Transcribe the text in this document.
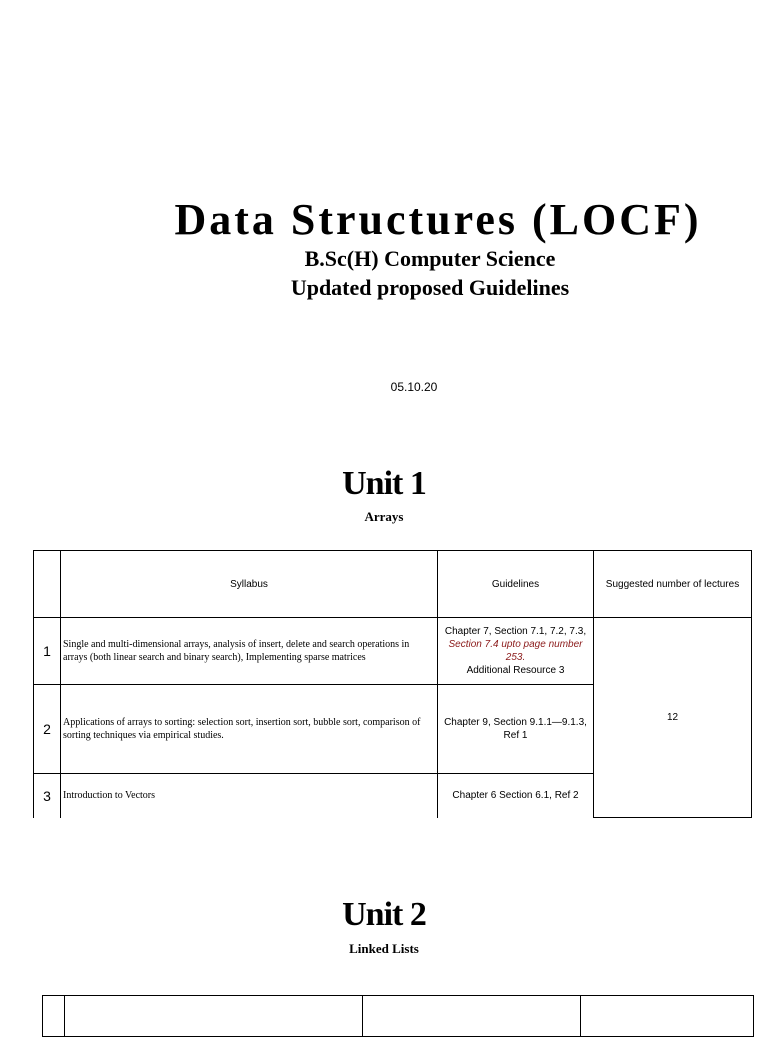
Data Structures (LOCF)
B.Sc(H) Computer Science
Updated proposed Guidelines
05.10.20
Unit 1
Arrays
	Syllabus	Guidelines	Suggested number of lectures
1	Single and multi-dimensional arrays, analysis of insert, delete and search operations in arrays (both linear search and binary search), Implementing sparse matrices	Chapter 7, Section 7.1, 7.2, 7.3,
Section 7.4 upto page number 253.
Additional Resource 3	12
2	Applications of arrays to sorting: selection sort, insertion sort, bubble sort, comparison of sorting techniques via empirical studies.	Chapter 9, Section 9.1.1—9.1.3, Ref 1	
3	Introduction to Vectors	Chapter 6 Section 6.1, Ref 2	
Unit 2
Linked Lists
